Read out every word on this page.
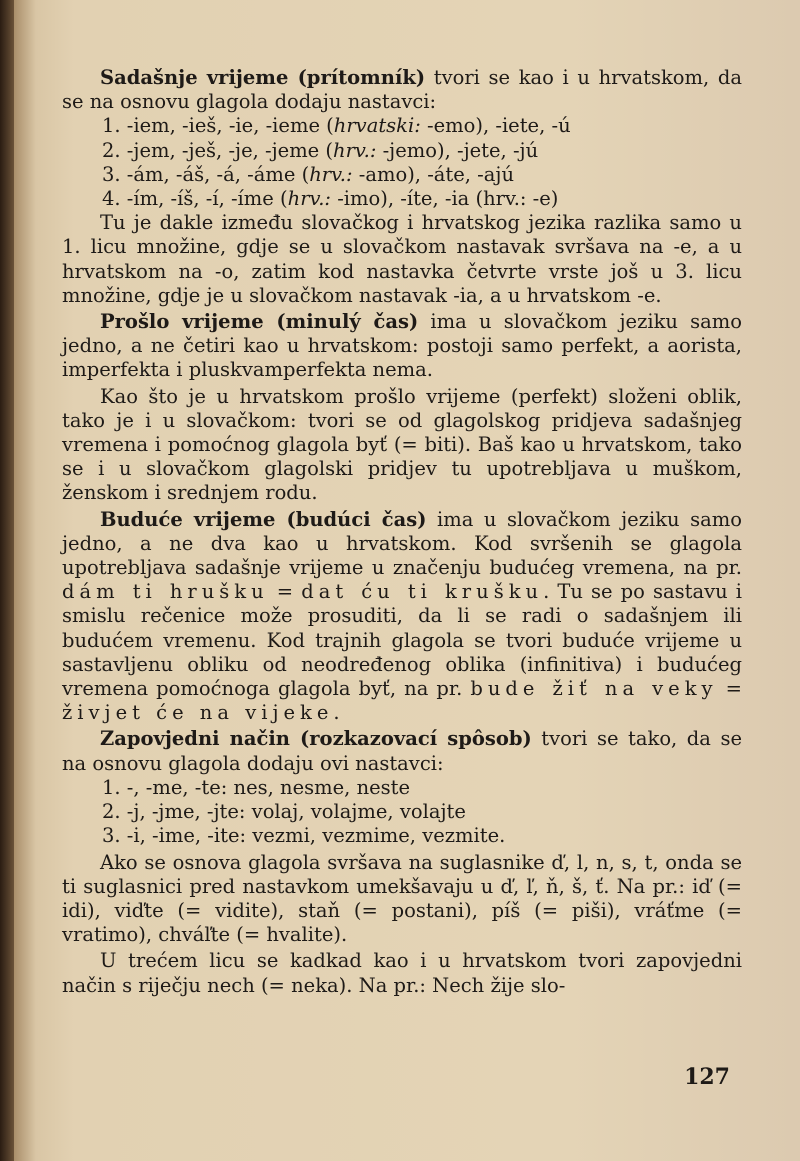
Sadašnje vrijeme (prítomník) tvori se kao i u hrvatskom, da se na osnovu glagola dodaju nastavci:

1. -iem, -ieš, -ie, -ieme (hrvatski: -emo), -iete, -ú

2. -jem, -ješ, -je, -jeme (hrv.: -jemo), -jete, -jú

3. -ám, -áš, -á, -áme (hrv.: -amo), -áte, -ajú

4. -ím, -íš, -í, -íme (hrv.: -imo), -íte, -ia (hrv.: -e)

Tu je dakle između slovačkog i hrvatskog jezika razlika samo u 1. licu množine, gdje se u slovačkom nastavak svršava na -e, a u hrvatskom na -o, zatim kod nastavka četvrte vrste još u 3. licu množine, gdje je u slovačkom nastavak -ia, a u hrvatskom -e.

Prošlo vrijeme (minulý čas) ima u slovačkom jeziku samo jedno, a ne četiri kao u hrvatskom: postoji samo perfekt, a aorista, imperfekta i pluskvamperfekta nema.

Kao što je u hrvatskom prošlo vrijeme (perfekt) složeni oblik, tako je i u slovačkom: tvori se od glagolskog pridjeva sadašnjeg vremena i pomoćnog glagola byť (= biti). Baš kao u hrvatskom, tako se i u slovačkom glagolski pridjev tu upotrebljava u muškom, ženskom i srednjem rodu.

Buduće vrijeme (budúci čas) ima u slovačkom jeziku samo jedno, a ne dva kao u hrvatskom. Kod svršenih se glagola upotrebljava sadašnje vrijeme u značenju budućeg vremena, na pr. dám ti hrušku = dat ću ti krušku. Tu se po sastavu i smislu rečenice može prosuditi, da li se radi o sadašnjem ili budućem vremenu. Kod trajnih glagola se tvori buduće vrijeme u sastavljenu obliku od neodređenog oblika (infinitiva) i budućeg vremena pomoćnoga glagola byť, na pr. bude žiť na veky = živjet će na vijeke.

Zapovjedni način (rozkazovací spôsob) tvori se tako, da se na osnovu glagola dodaju ovi nastavci:

1. -, -me, -te: nes, nesme, neste

2. -j, -jme, -jte: volaj, volajme, volajte

3. -i, -ime, -ite: vezmi, vezmime, vezmite.

Ako se osnova glagola svršava na suglasnike ď, l, n, s, t, onda se ti suglasnici pred nastavkom umekšavaju u ď, ľ, ň, š, ť. Na pr.: iď (= idi), viďte (= vidite), staň (= postani), píš (= piši), vráťme (= vratimo), chváľte (= hvalite).

U trećem licu se kadkad kao i u hrvatskom tvori zapovjedni način s riječju nech (= neka). Na pr.: Nech žije slo-

127
